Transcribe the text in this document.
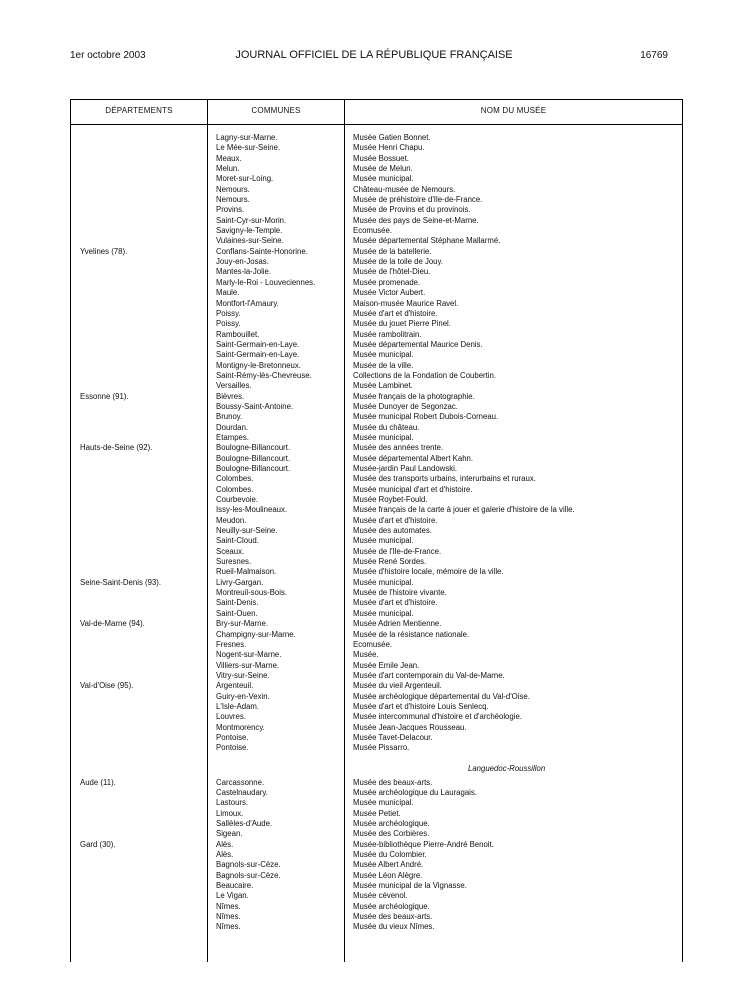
1er octobre 2003	JOURNAL OFFICIEL DE LA RÉPUBLIQUE FRANÇAISE	16769
DÉPARTEMENTS	COMMUNES	NOM DU MUSÉE
Lagny-sur-Marne.	Musée Gatien Bonnet.
Le Mée-sur-Seine.	Musée Henri Chapu.
Meaux.	Musée Bossuet.
Melun.	Musée de Melun.
Moret-sur-Loing.	Musée municipal.
Nemours.	Château-musée de Nemours.
Nemours.	Musée de préhistoire d'Ile-de-France.
Provins.	Musée de Provins et du provinois.
Saint-Cyr-sur-Morin.	Musée des pays de Seine-et-Marne.
Savigny-le-Temple.	Ecomusée.
Vulaines-sur-Seine.	Musée départemental Stéphane Mallarmé.
Yvelines (78).	Conflans-Sainte-Honorine.	Musée de la batellerie.
Jouy-en-Josas.	Musée de la toile de Jouy.
Mantes-la-Jolie.	Musée de l'hôtel-Dieu.
Marly-le-Roi - Louveciennes.	Musée promenade.
Maule.	Musée Victor Aubert.
Montfort-l'Amaury.	Maison-musée Maurice Ravel.
Poissy.	Musée d'art et d'histoire.
Poissy.	Musée du jouet Pierre Pinel.
Rambouillet.	Musée rambolitrain.
Saint-Germain-en-Laye.	Musée départemental Maurice Denis.
Saint-Germain-en-Laye.	Musée municipal.
Montigny-le-Bretonneux.	Musée de la ville.
Saint-Rémy-lès-Chevreuse.	Collections de la Fondation de Coubertin.
Versailles.	Musée Lambinet.
Essonne (91).	Bièvres.	Musée français de la photographie.
Boussy-Saint-Antoine.	Musée Dunoyer de Segonzac.
Brunoy.	Musée municipal Robert Dubois-Corneau.
Dourdan.	Musée du château.
Etampes.	Musée municipal.
Hauts-de-Seine (92).	Boulogne-Billancourt.	Musée des années trente.
Boulogne-Billancourt.	Musée départemental Albert Kahn.
Boulogne-Billancourt.	Musée-jardin Paul Landowski.
Colombes.	Musée des transports urbains, interurbains et ruraux.
Colombes.	Musée municipal d'art et d'histoire.
Courbevoie.	Musée Roybet-Fould.
Issy-les-Moulineaux.	Musée français de la carte à jouer et galerie d'histoire de la ville.
Meudon.	Musée d'art et d'histoire.
Neuilly-sur-Seine.	Musée des automates.
Saint-Cloud.	Musée municipal.
Sceaux.	Musée de l'Ile-de-France.
Suresnes.	Musée René Sordes.
Rueil-Malmaison.	Musée d'histoire locale, mémoire de la ville.
Seine-Saint-Denis (93).	Livry-Gargan.	Musée municipal.
Montreuil-sous-Bois.	Musée de l'histoire vivante.
Saint-Denis.	Musée d'art et d'histoire.
Saint-Ouen.	Musée municipal.
Val-de-Marne (94).	Bry-sur-Marne.	Musée Adrien Mentienne.
Champigny-sur-Marne.	Musée de la résistance nationale.
Fresnes.	Ecomusée.
Nogent-sur-Marne.	Musée.
Villiers-sur-Marne.	Musée Emile Jean.
Vitry-sur-Seine.	Musée d'art contemporain du Val-de-Marne.
Val-d'Oise (95).	Argenteuil.	Musée du vieil Argenteuil.
Guiry-en-Vexin.	Musée archéologique départemental du Val-d'Oise.
L'Isle-Adam.	Musée d'art et d'histoire Louis Senlecq.
Louvres.	Musée intercommunal d'histoire et d'archéologie.
Montmorency.	Musée Jean-Jacques Rousseau.
Pontoise.	Musée Tavet-Delacour.
Pontoise.	Musée Pissarro.
Languedoc-Roussillon
Aude (11).	Carcassonne.	Musée des beaux-arts.
Castelnaudary.	Musée archéologique du Lauragais.
Lastours.	Musée municipal.
Limoux.	Musée Petiet.
Sallèles-d'Aude.	Musée archéologique.
Sigean.	Musée des Corbières.
Gard (30).	Alès.	Musée-bibliothèque Pierre-André Benoit.
Alès.	Musée du Colombier.
Bagnols-sur-Cèze.	Musée Albert André.
Bagnols-sur-Cèze.	Musée Léon Alègre.
Beaucaire.	Musée municipal de la Vignasse.
Le Vigan.	Musée cévenol.
Nîmes.	Musée archéologique.
Nîmes.	Musée des beaux-arts.
Nîmes.	Musée du vieux Nîmes.
